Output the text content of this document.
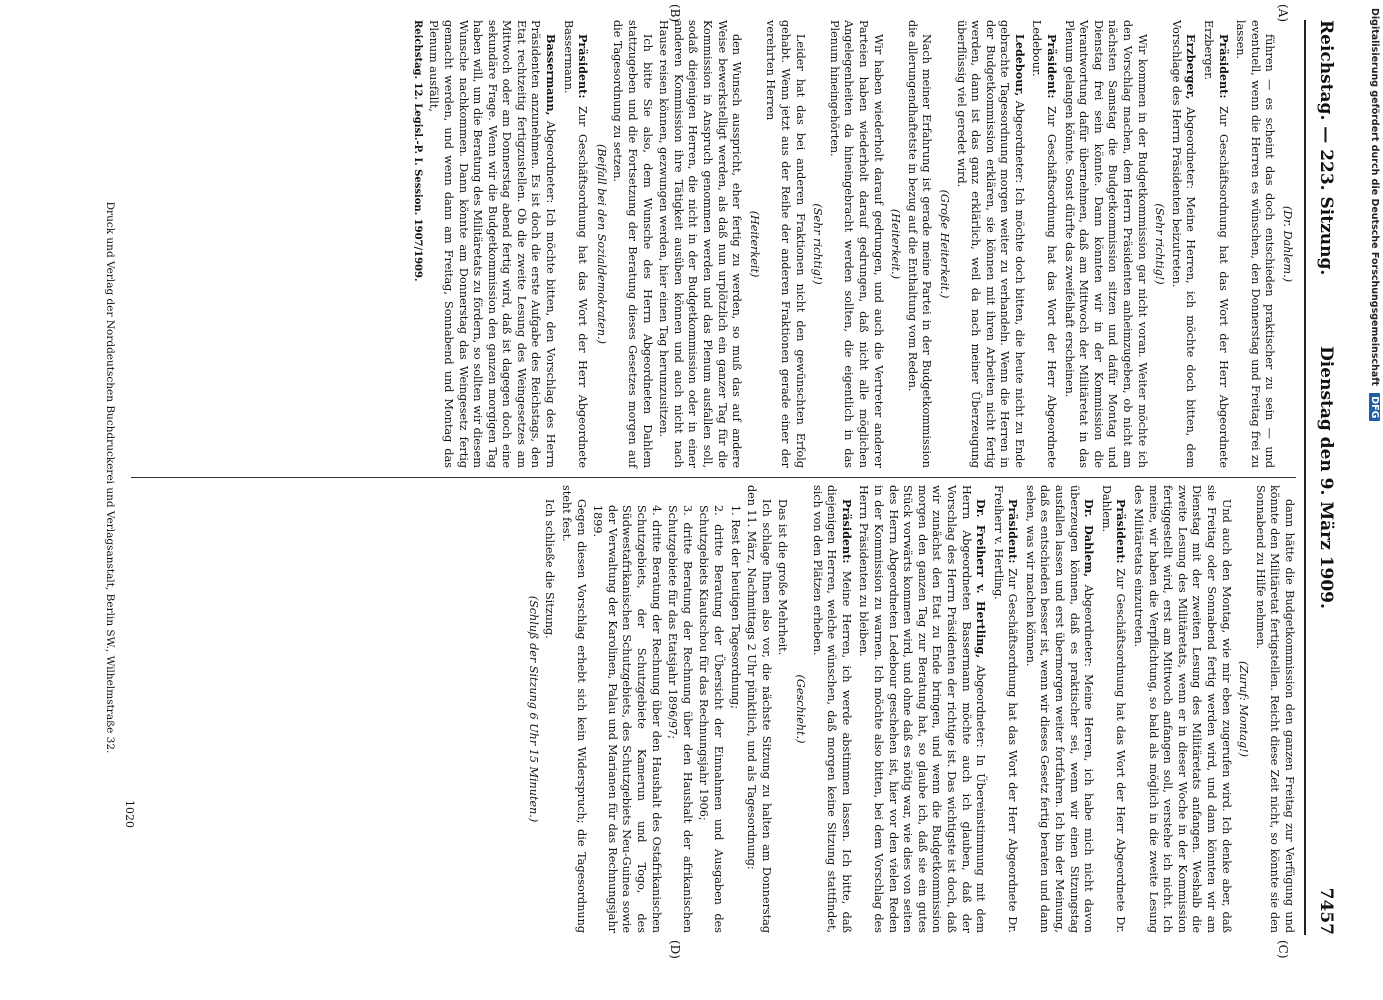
Reichstag. — 223. Sitzung.
Dienstag den 9. März 1909.
7457
(A)
(B)
(C)
(D)

(Dr. Dahlem.)

führen — es scheint das doch entschieden praktischer zu sein — und eventuell, wenn die Herren es wünschen, den Donnerstag und Freitag frei zu lassen.

Präsident: Zur Geschäftsordnung hat das Wort der Herr Abgeordnete Erzberger.

Erzberger, Abgeordneter: Meine Herren, ich möchte doch bitten, dem Vorschlage des Herrn Präsidenten beizutreten.

(Sehr richtig!)

Wir kommen in der Budgetkommission gar nicht voran. Weiter möchte ich den Vorschlag machen, dem Herrn Präsidenten anheimzugeben, ob nicht am nächsten Samstag die Budgetkommission sitzen und dafür Montag und Dienstag frei sein könnte. Dann könnten wir in der Kommission die Verantwortung dafür übernehmen, daß am Mittwoch der Militäretat in das Plenum gelangen könnte. Sonst dürfte das zweifelhaft erscheinen.

Präsident: Zur Geschäftsordnung hat das Wort der Herr Abgeordnete Ledebour.

Ledebour, Abgeordneter: Ich möchte doch bitten, die heute nicht zu Ende gebrachte Tagesordnung morgen weiter zu verhandeln. Wenn die Herren in der Budgetkommission erklären, sie können mit ihren Arbeiten nicht fertig werden, dann ist das ganz erklärlich, weil da nach meiner Überzeugung überflüssig viel geredet wird.

(Große Heiterkeit.)

Nach meiner Erfahrung ist gerade meine Partei in der Budgetkommission die allerungendhaftetste in bezug auf die Enthaltung vom Reden.

(Heiterkeit.)

Wir haben wiederholt darauf gedrungen, und auch die Vertreter anderer Parteien haben wiederholt darauf gedrungen, daß nicht alle möglichen Angelegenheiten da hineingebracht werden sollten, die eigentlich in das Plenum hineingehörten.

(Sehr richtig!)

Leider hat das bei anderen Fraktionen nicht den gewünschten Erfolg gehabt. Wenn jetzt aus der Reihe der anderen Fraktionen gerade einer der verehrten Herren

(Heiterkeit)

den Wunsch ausspricht, eher fertig zu werden, so muß das auf andere Weise bewerkstelligt werden, als daß nun urplötzlich ein ganzer Tag für die Kommission in Anspruch genommen werden und das Plenum ausfallen soll, sodaß diejenigen Herren, die nicht in der Budgetkommission oder in einer anderen Kommission ihre Tätigkeit ausüben können und auch nicht nach Hause reisen können, gezwungen werden, hier einen Tag herumzusitzen.

Ich bitte Sie also, dem Wunsche des Herrn Abgeordneten Dahlem stattzugeben und die Fortsetzung der Beratung dieses Gesetzes morgen auf die Tagesordnung zu setzen.

(Beifall bei den Sozialdemokraten.)

Präsident: Zur Geschäftsordnung hat das Wort der Herr Abgeordnete Bassermann.

Bassermann, Abgeordneter: Ich möchte bitten, den Vorschlag des Herrn Präsidenten anzunehmen. Es ist doch die erste Aufgabe des Reichstags, den Etat rechtzeitig fertigzustellen. Ob die zweite Lesung des Weingesetzes am Mittwoch oder am Donnerstag abend fertig wird, daß ist dagegen doch eine sekundäre Frage. Wenn wir die Budgetkommission den ganzen morgigen Tag haben will, um die Beratung des Militäretats zu fördern, so sollten wir diesem Wunsche nachkommen. Dann könnte am Donnerstag das Weingesetz fertig gemacht werden, und wenn dann am Freitag, Sonnabend und Montag das Plenum ausfällt,

Reichstag. 12. Legisl.-P. I. Session. 1907/1909.

dann hätte die Budgetkommission den ganzen Freitag zur Verfügung und könnte den Militäretat fertigstellen. Reicht diese Zeit nicht, so könnte sie den Sonnabend zu Hilfe nehmen.

(Zuruf: Montag!)

Und auch den Montag, wie mir eben zugerufen wird. Ich denke aber, daß sie Freitag oder Sonnabend fertig werden wird, und dann könnten wir am Dienstag mit der zweiten Lesung des Militäretats anfangen. Weshalb die zweite Lesung des Militäretats, wenn er in dieser Woche in der Kommission fertiggestellt wird, erst am Mittwoch anfangen soll, verstehe ich nicht. Ich meine, wir haben die Verpflichtung, so bald als möglich in die zweite Lesung des Militäretats einzutreten.

Präsident: Zur Geschäftsordnung hat das Wort der Herr Abgeordnete Dr. Dahlem.

Dr. Dahlem, Abgeordneter: Meine Herren, ich habe mich nicht davon überzeugen können, daß es praktischer sei, wenn wir einen Sitzungstag ausfallen lassen und erst übermorgen weiter fortfahren. Ich bin der Meinung, daß es entschieden besser ist, wenn wir dieses Gesetz fertig beraten und dann sehen, was wir machen können.

Präsident: Zur Geschäftsordnung hat das Wort der Herr Abgeordnete Dr. Freiherr v. Hertling.

Dr. Freiherr v. Hertling, Abgeordneter: In Übereinstimmung mit dem Herrn Abgeordneten Bassermann möchte auch ich glauben, daß der Vorschlag des Herrn Präsidenten der richtige ist. Das wichtigste ist doch, daß wir zunächst den Etat zu Ende bringen, und wenn die Budgetkommission morgen den ganzen Tag zur Beratung hat, so glaube ich, daß sie ein gutes Stück vorwärts kommen wird, und ohne daß es nötig war, wie dies von seiten des Herrn Abgeordneten Ledebour geschehen ist, hier vor den vielen Reden in der Kommission zu warnen. Ich möchte also bitten, bei dem Vorschlag des Herrn Präsidenten zu bleiben.

Präsident: Meine Herren, ich werde abstimmen lassen. Ich bitte, daß diejenigen Herren, welche wünschen, daß morgen keine Sitzung stattfindet, sich von den Plätzen erheben.

(Geschieht.)

Das ist die große Mehrheit.

Ich schlage Ihnen also vor, die nächste Sitzung zu halten am Donnerstag den 11. März, Nachmittags 2 Uhr pünktlich, und als Tagesordnung:

1. Rest der heutigen Tagesordnung;

2. dritte Beratung der Übersicht der Einnahmen und Ausgaben des Schutzgebiets Kiautschou für das Rechnungsjahr 1906;

3. dritte Beratung der Rechnung über den Haushalt der afrikanischen Schutzgebiete für das Etatsjahr 1896/97;

4. dritte Beratung der Rechnung über den Haushalt des Ostafrikanischen Schutzgebiets, der Schutzgebiete Kamerun und Togo, des Südwestafrikanischen Schutzgebiets, des Schutzgebiets Neu-Guinea sowie der Verwaltung der Karolinen, Palau und Marianen für das Rechnungsjahr 1899.

Gegen diesen Vorschlag erhebt sich kein Widerspruch; die Tagesordnung steht fest.

Ich schließe die Sitzung.

(Schluß der Sitzung 6 Uhr 15 Minuten.)

1020
Druck und Verlag der Norddeutschen Buchdruckerei und Verlagsanstalt, Berlin SW., Wilhelmstraße 32.
Digitalisierung gefördert durch die Deutsche Forschungsgemeinschaft DFG
